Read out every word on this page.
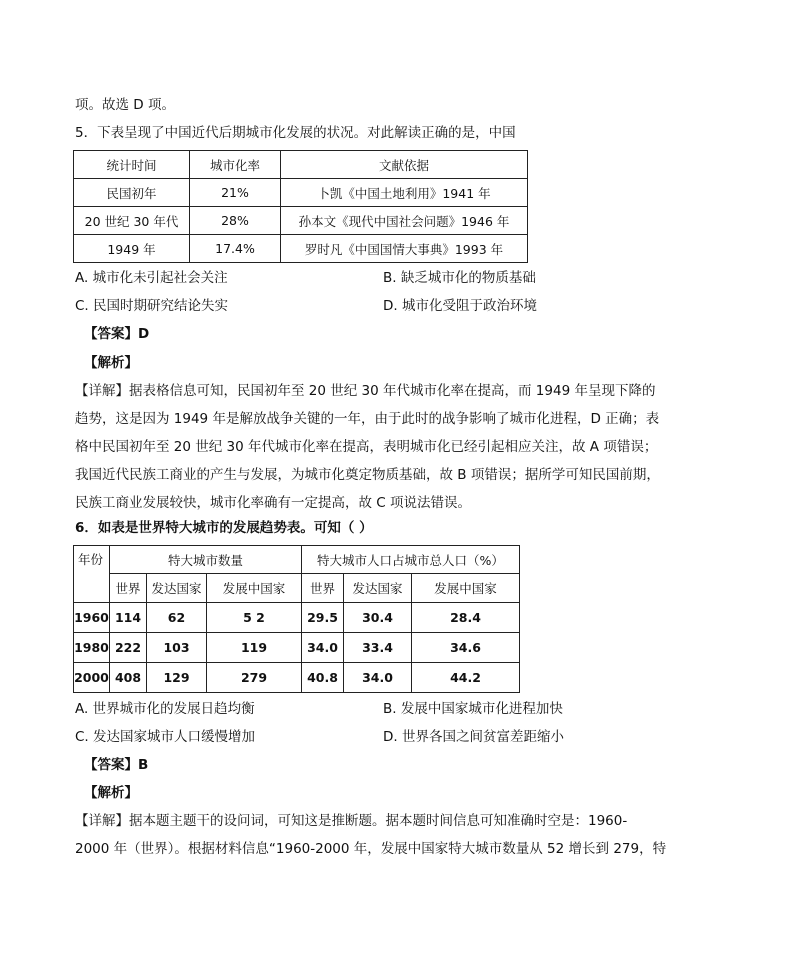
项。故选 D 项。
5．下表呈现了中国近代后期城市化发展的状况。对此解读正确的是，中国
统计时间	城市化率	文献依据
民国初年	21%	卜凯《中国土地利用》1941 年
20 世纪 30 年代	28%	孙本文《现代中国社会问题》1946 年
1949 年	17.4%	罗时凡《中国国情大事典》1993 年
A. 城市化未引起社会关注	B. 缺乏城市化的物质基础
C. 民国时期研究结论失实	D. 城市化受阻于政治环境
【答案】D
【解析】
【详解】据表格信息可知，民国初年至 20 世纪 30 年代城市化率在提高，而 1949 年呈现下降的
趋势，这是因为 1949 年是解放战争关键的一年，由于此时的战争影响了城市化进程，D 正确；表
格中民国初年至 20 世纪 30 年代城市化率在提高，表明城市化已经引起相应关注，故 A 项错误；
我国近代民族工商业的产生与发展，为城市化奠定物质基础，故 B 项错误；据所学可知民国前期，
民族工商业发展较快，城市化率确有一定提高，故 C 项说法错误。
6．如表是世界特大城市的发展趋势表。可知（ ）
年份	特大城市数量			特大城市人口占城市总人口（%）		
	世界	发达国家	发展中国家	世界	发达国家	发展中国家
1960	114	62	5 2	29.5	30.4	28.4
1980	222	103	119	34.0	33.4	34.6
2000	408	129	279	40.8	34.0	44.2
A. 世界城市化的发展日趋均衡	B. 发展中国家城市化进程加快
C. 发达国家城市人口缓慢增加	D. 世界各国之间贫富差距缩小
【答案】B
【解析】
【详解】据本题主题干的设问词，可知这是推断题。据本题时间信息可知准确时空是：1960-
2000 年（世界）。根据材料信息“1960-2000 年，发展中国家特大城市数量从 52 增长到 279，特
